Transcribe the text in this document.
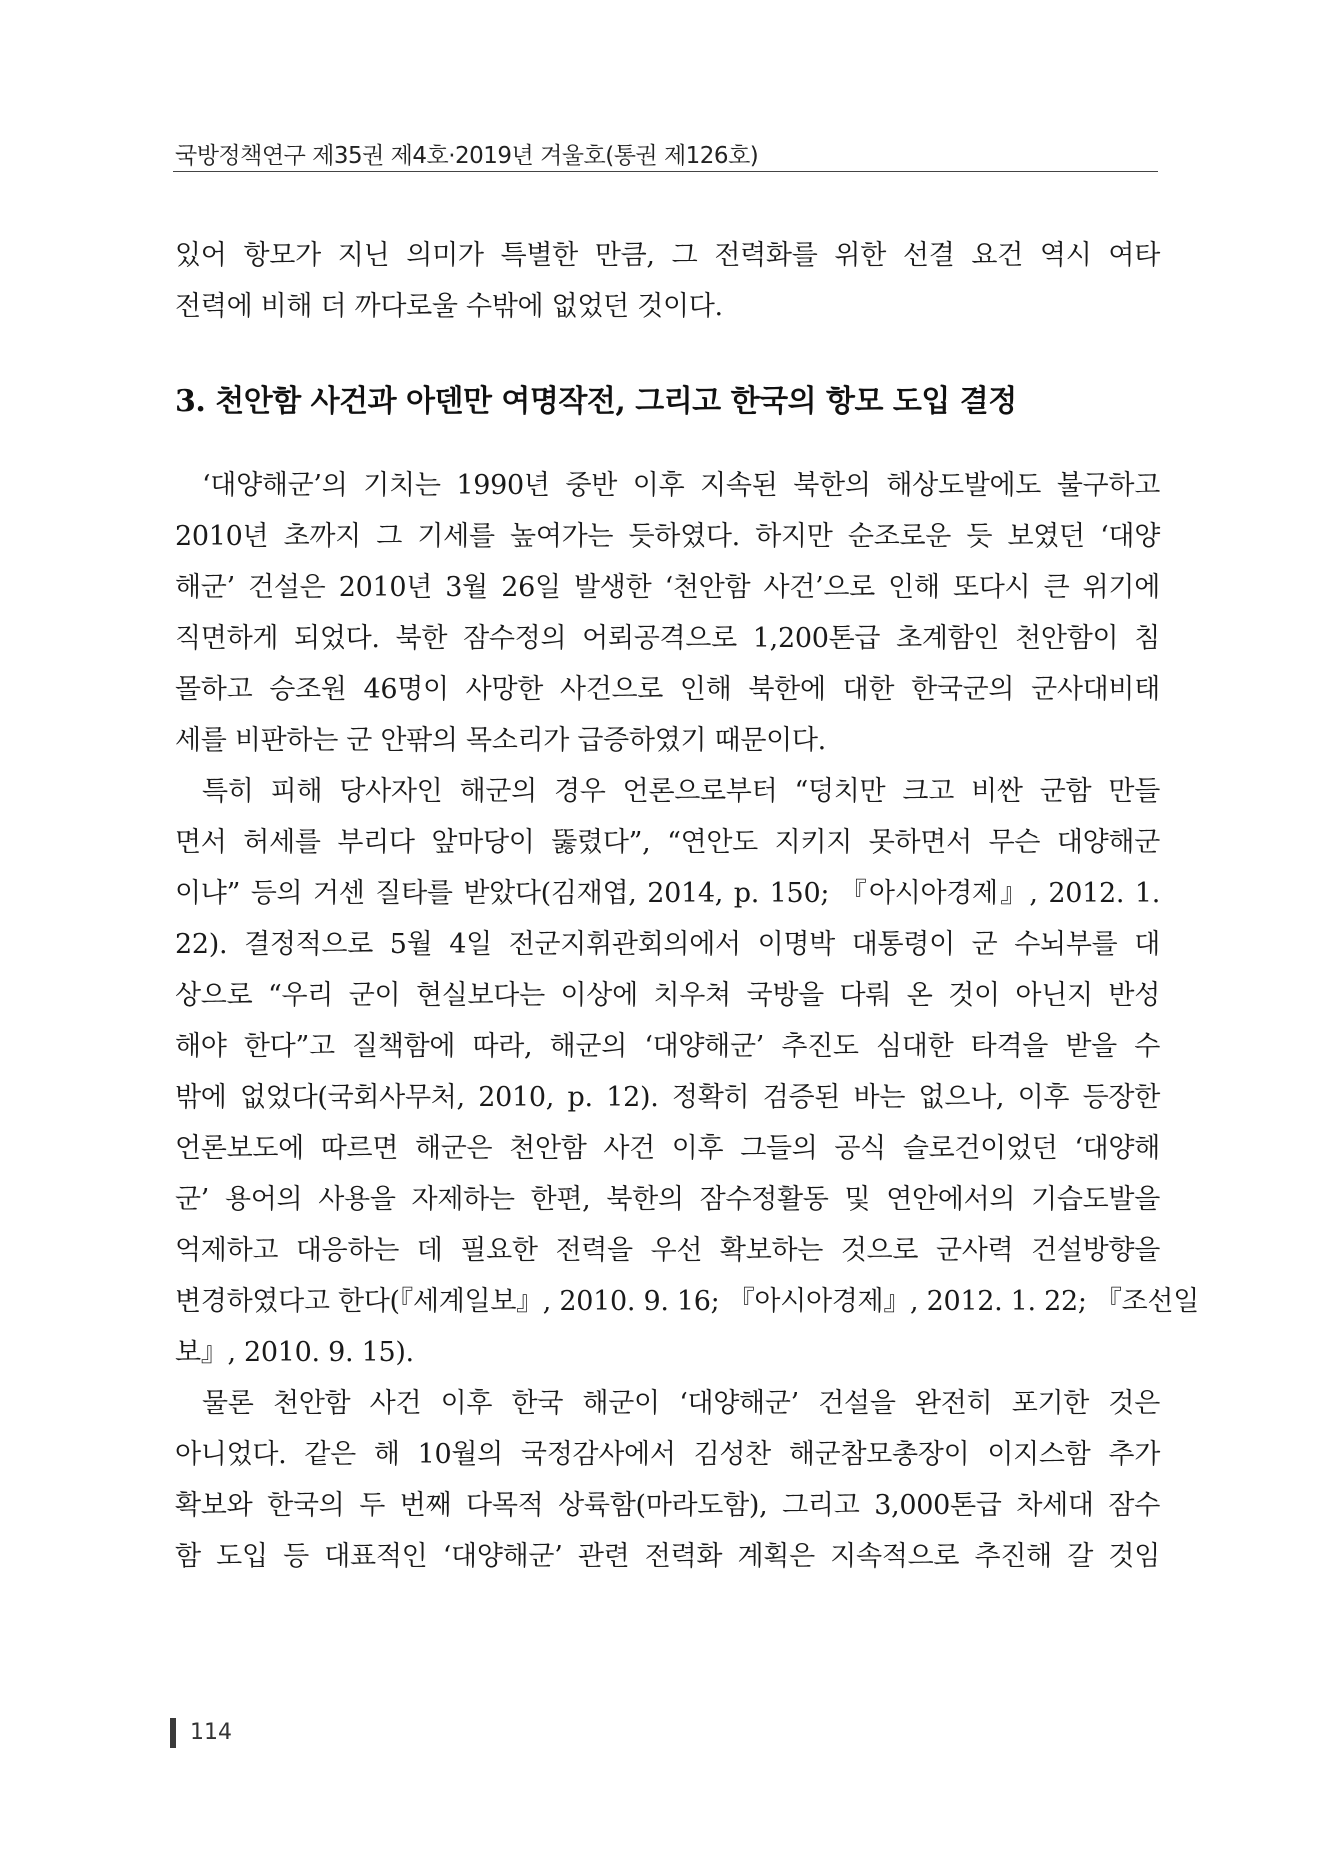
국방정책연구 제35권 제4호·2019년 겨울호(통권 제126호)
있어 항모가 지닌 의미가 특별한 만큼, 그 전력화를 위한 선결 요건 역시 여타
전력에 비해 더 까다로울 수밖에 없었던 것이다.
3. 천안함 사건과 아덴만 여명작전, 그리고 한국의 항모 도입 결정
‘대양해군’의 기치는 1990년 중반 이후 지속된 북한의 해상도발에도 불구하고
2010년 초까지 그 기세를 높여가는 듯하였다. 하지만 순조로운 듯 보였던 ‘대양
해군’ 건설은 2010년 3월 26일 발생한 ‘천안함 사건’으로 인해 또다시 큰 위기에
직면하게 되었다. 북한 잠수정의 어뢰공격으로 1,200톤급 초계함인 천안함이 침
몰하고 승조원 46명이 사망한 사건으로 인해 북한에 대한 한국군의 군사대비태
세를 비판하는 군 안팎의 목소리가 급증하였기 때문이다.
특히 피해 당사자인 해군의 경우 언론으로부터 “덩치만 크고 비싼 군함 만들
면서 허세를 부리다 앞마당이 뚫렸다”, “연안도 지키지 못하면서 무슨 대양해군
이냐” 등의 거센 질타를 받았다(김재엽, 2014, p. 150; 『아시아경제』, 2012. 1.
22). 결정적으로 5월 4일 전군지휘관회의에서 이명박 대통령이 군 수뇌부를 대
상으로 “우리 군이 현실보다는 이상에 치우쳐 국방을 다뤄 온 것이 아닌지 반성
해야 한다”고 질책함에 따라, 해군의 ‘대양해군’ 추진도 심대한 타격을 받을 수
밖에 없었다(국회사무처, 2010, p. 12). 정확히 검증된 바는 없으나, 이후 등장한
언론보도에 따르면 해군은 천안함 사건 이후 그들의 공식 슬로건이었던 ‘대양해
군’ 용어의 사용을 자제하는 한편, 북한의 잠수정활동 및 연안에서의 기습도발을
억제하고 대응하는 데 필요한 전력을 우선 확보하는 것으로 군사력 건설방향을
변경하였다고 한다(『세계일보』, 2010. 9. 16; 『아시아경제』, 2012. 1. 22; 『조선일
보』, 2010. 9. 15).
물론 천안함 사건 이후 한국 해군이 ‘대양해군’ 건설을 완전히 포기한 것은
아니었다. 같은 해 10월의 국정감사에서 김성찬 해군참모총장이 이지스함 추가
확보와 한국의 두 번째 다목적 상륙함(마라도함), 그리고 3,000톤급 차세대 잠수
함 도입 등 대표적인 ‘대양해군’ 관련 전력화 계획은 지속적으로 추진해 갈 것임
114
